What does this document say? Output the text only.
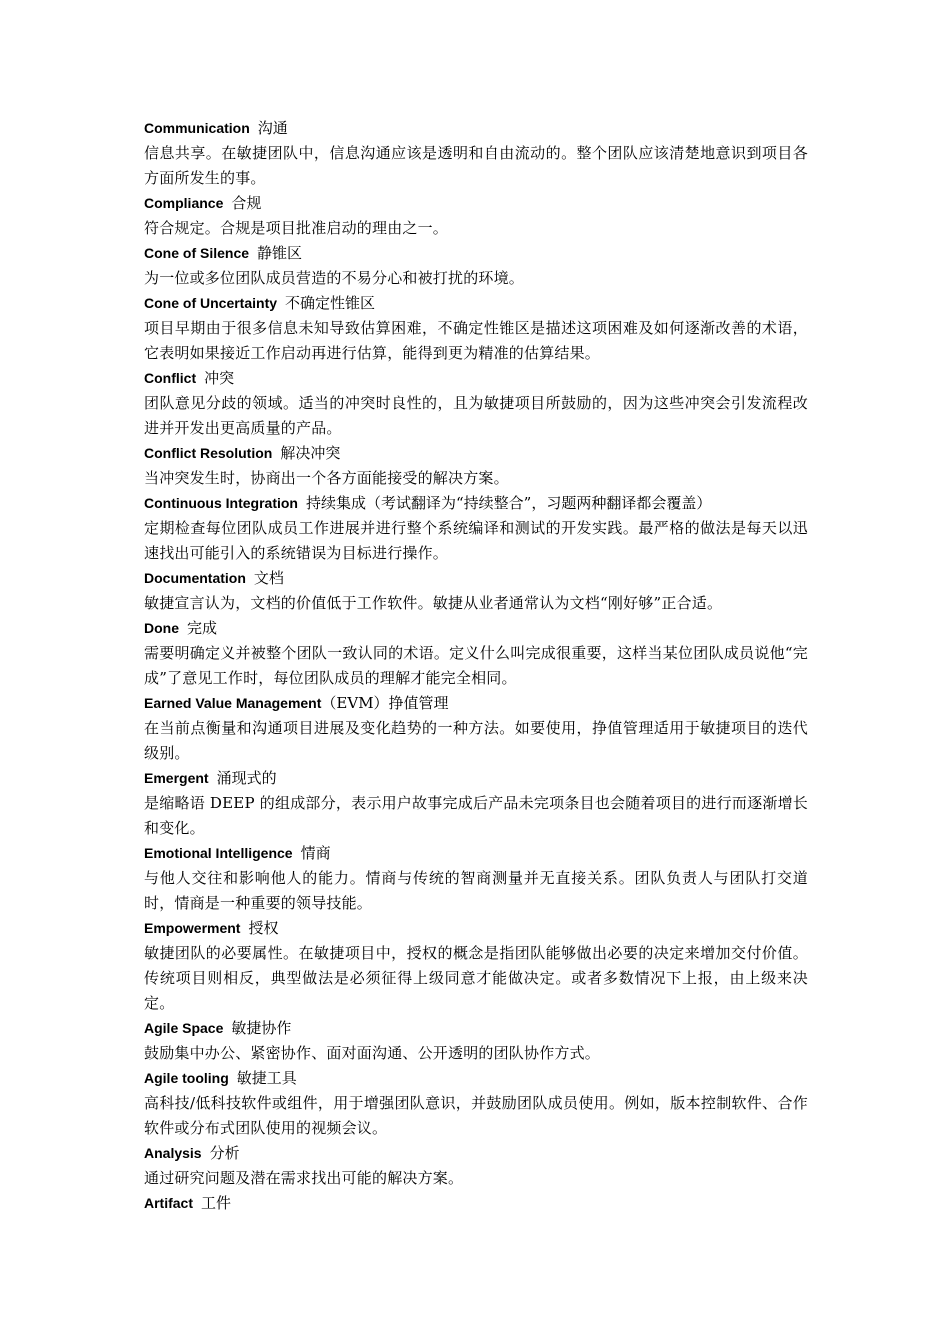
Communication 沟通

信息共享。在敏捷团队中，信息沟通应该是透明和自由流动的。整个团队应该清楚地意识到项目各方面所发生的事。

Compliance 合规

符合规定。合规是项目批准启动的理由之一。

Cone of Silence 静锥区

为一位或多位团队成员营造的不易分心和被打扰的环境。

Cone of Uncertainty 不确定性锥区

项目早期由于很多信息未知导致估算困难，不确定性锥区是描述这项困难及如何逐渐改善的术语，它表明如果接近工作启动再进行估算，能得到更为精准的估算结果。

Conflict 冲突

团队意见分歧的领域。适当的冲突时良性的，且为敏捷项目所鼓励的，因为这些冲突会引发流程改进并开发出更高质量的产品。

Conflict Resolution 解决冲突

当冲突发生时，协商出一个各方面能接受的解决方案。

Continuous Integration 持续集成（考试翻译为“持续整合”，习题两种翻译都会覆盖）

定期检查每位团队成员工作进展并进行整个系统编译和测试的开发实践。最严格的做法是每天以迅速找出可能引入的系统错误为目标进行操作。

Documentation 文档

敏捷宣言认为，文档的价值低于工作软件。敏捷从业者通常认为文档“刚好够”正合适。

Done 完成

需要明确定义并被整个团队一致认同的术语。定义什么叫完成很重要，这样当某位团队成员说他“完成”了意见工作时，每位团队成员的理解才能完全相同。

Earned Value Management（EVM）挣值管理

在当前点衡量和沟通项目进展及变化趋势的一种方法。如要使用，挣值管理适用于敏捷项目的迭代级别。

Emergent 涌现式的

是缩略语 DEEP 的组成部分，表示用户故事完成后产品未完项条目也会随着项目的进行而逐渐增长和变化。

Emotional Intelligence 情商

与他人交往和影响他人的能力。情商与传统的智商测量并无直接关系。团队负责人与团队打交道时，情商是一种重要的领导技能。

Empowerment 授权

敏捷团队的必要属性。在敏捷项目中，授权的概念是指团队能够做出必要的决定来增加交付价值。传统项目则相反，典型做法是必须征得上级同意才能做决定。或者多数情况下上报，由上级来决定。

Agile Space 敏捷协作

鼓励集中办公、紧密协作、面对面沟通、公开透明的团队协作方式。

Agile tooling 敏捷工具

高科技/低科技软件或组件，用于增强团队意识，并鼓励团队成员使用。例如，版本控制软件、合作软件或分布式团队使用的视频会议。

Analysis 分析

通过研究问题及潜在需求找出可能的解决方案。

Artifact 工件
